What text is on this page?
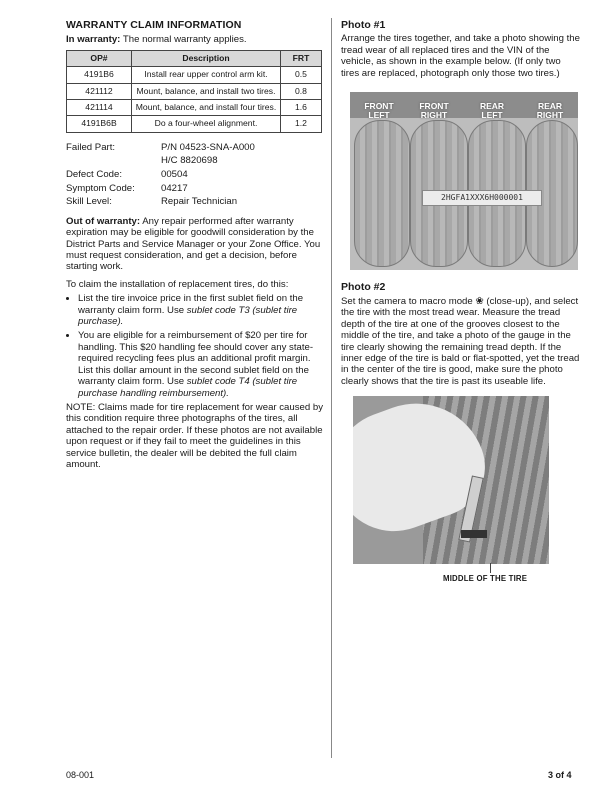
WARRANTY CLAIM INFORMATION
In warranty: The normal warranty applies.
OP#	Description	FRT
4191B6	Install rear upper control arm kit.	0.5
421112	Mount, balance, and install two tires.	0.8
421114	Mount, balance, and install four tires.	1.6
4191B6B	Do a four-wheel alignment.	1.2
Failed Part:	P/N 04523-SNA-A000
H/C 8820698
Defect Code:	00504
Symptom Code:	04217
Skill Level:	Repair Technician

Out of warranty: Any repair performed after warranty expiration may be eligible for goodwill consideration by the District Parts and Service Manager or your Zone Office. You must request consideration, and get a decision, before starting work.

To claim the installation of replacement tires, do this:

• List the tire invoice price in the first sublet field on the warranty claim form. Use sublet code T3 (sublet tire purchase).
• You are eligible for a reimbursement of $20 per tire for handling. This $20 handling fee should cover any state-required recycling fees plus an additional profit margin. List this dollar amount in the second sublet field on the warranty claim form. Use sublet code T4 (sublet tire purchase handling reimbursement).

NOTE: Claims made for tire replacement for wear caused by this condition require three photographs of the tires, all attached to the repair order. If these photos are not available upon request or if they fail to meet the guidelines in this service bulletin, the dealer will be debited the full claim amount.

Photo #1
Arrange the tires together, and take a photo showing the tread wear of all replaced tires and the VIN of the vehicle, as shown in the example below. (If only two tires are replaced, photograph only those two tires.)
Photo #2
Set the camera to macro mode ❀ (close-up), and select the tire with the most tread wear. Measure the tread depth of the tire at one of the grooves closest to the middle of the tire, and take a photo of the gauge in the tire clearly showing the remaining tread depth. If the inner edge of the tire is bald or flat-spotted, yet the tread in the center of the tire is good, make sure the photo clearly shows that the tire is past its useable life.
FRONT LEFT
FRONT RIGHT
REAR LEFT
REAR RIGHT
2HGFA1XXX6H000001
MIDDLE OF THE TIRE
08-001	3 of 4
